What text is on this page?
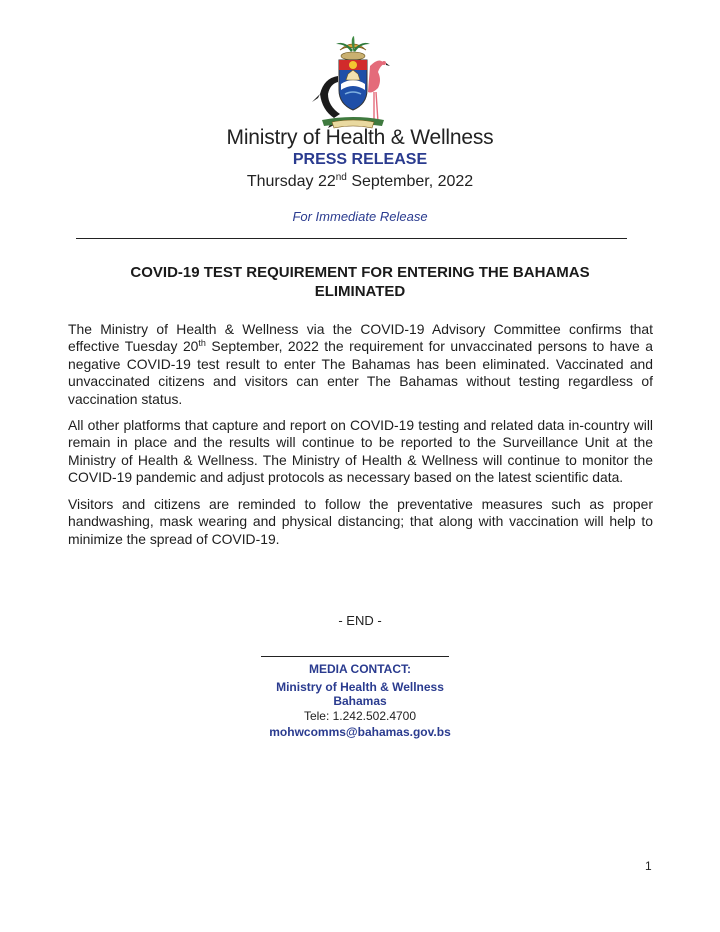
Ministry of Health & Wellness
PRESS RELEASE
Thursday 22nd September, 2022
For Immediate Release
COVID-19 TEST REQUIREMENT FOR ENTERING THE BAHAMAS
ELIMINATED
The Ministry of Health & Wellness via the COVID-19 Advisory Committee confirms that effective Tuesday 20th September, 2022 the requirement for unvaccinated persons to have a negative COVID-19 test result to enter The Bahamas has been eliminated. Vaccinated and unvaccinated citizens and visitors can enter The Bahamas without testing regardless of vaccination status.
All other platforms that capture and report on COVID-19 testing and related data in-country will remain in place and the results will continue to be reported to the Surveillance Unit at the Ministry of Health & Wellness. The Ministry of Health & Wellness will continue to monitor the COVID-19 pandemic and adjust protocols as necessary based on the latest scientific data.
Visitors and citizens are reminded to follow the preventative measures such as proper handwashing, mask wearing and physical distancing; that along with vaccination will help to minimize the spread of COVID-19.
- END -
MEDIA CONTACT:
Ministry of Health & Wellness
Bahamas
Tele: 1.242.502.4700
mohwcomms@bahamas.gov.bs
1
